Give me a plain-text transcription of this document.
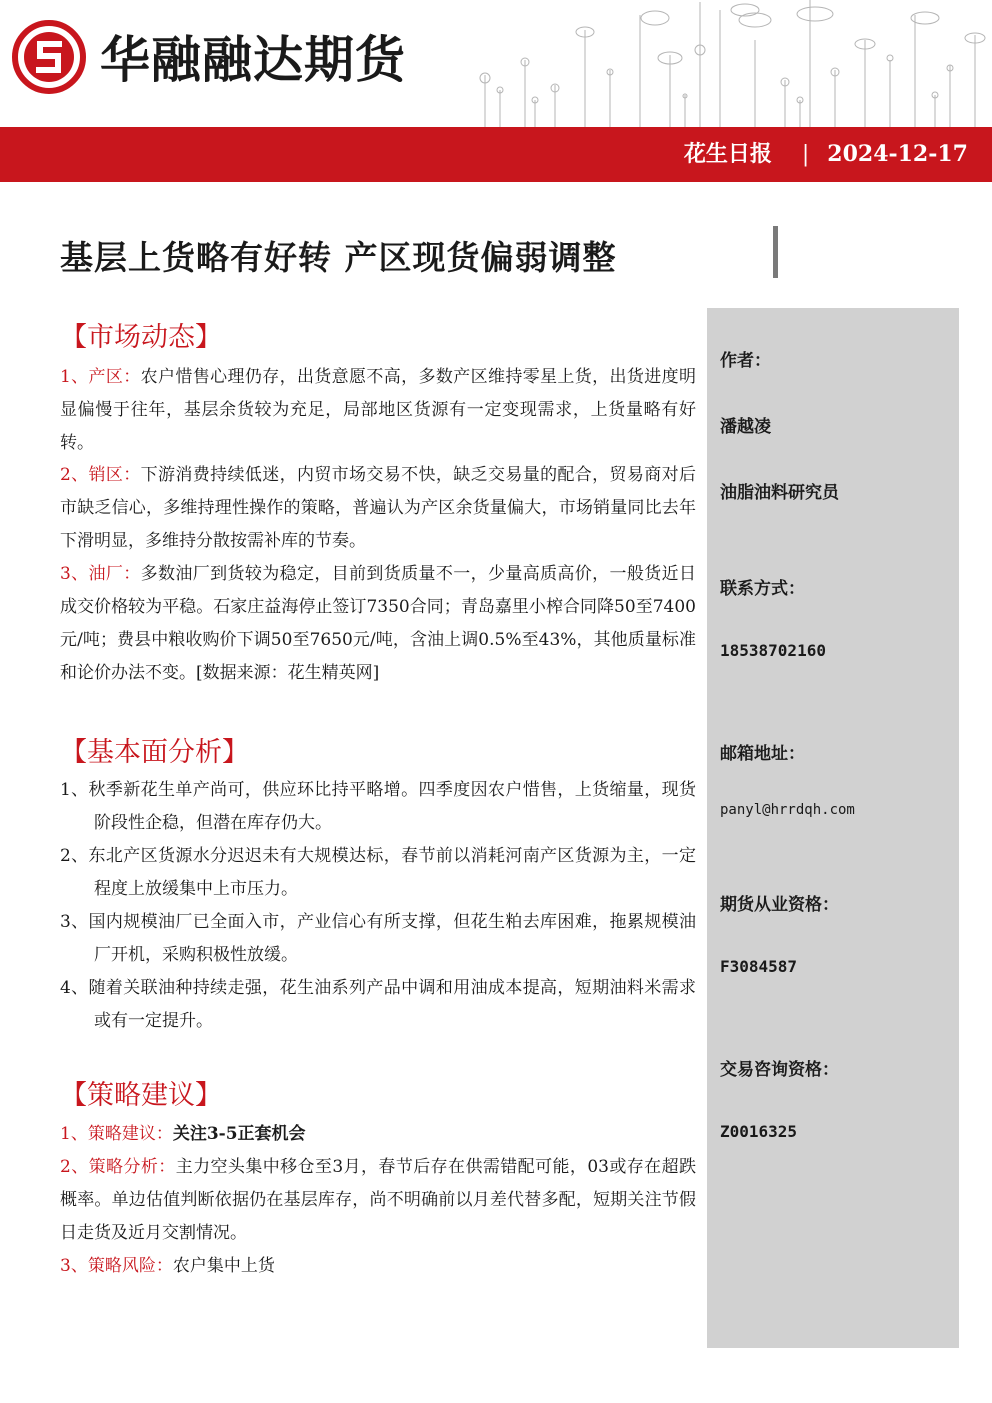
华融融达期货
花生日报 | 2024-12-17
基层上货略有好转 产区现货偏弱调整
作者：
潘越凌
油脂油料研究员
联系方式：
18538702160
邮箱地址：
panyl@hrrdqh.com
期货从业资格：
F3084587
交易咨询资格：
Z0016325
【市场动态】
1、产区：农户惜售心理仍存，出货意愿不高，多数产区维持零星上货，出货进度明显偏慢于往年，基层余货较为充足，局部地区货源有一定变现需求，上货量略有好转。
2、销区：下游消费持续低迷，内贸市场交易不快，缺乏交易量的配合，贸易商对后市缺乏信心，多维持理性操作的策略，普遍认为产区余货量偏大，市场销量同比去年下滑明显，多维持分散按需补库的节奏。
3、油厂：多数油厂到货较为稳定，目前到货质量不一，少量高质高价，一般货近日成交价格较为平稳。石家庄益海停止签订7350合同；青岛嘉里小榨合同降50至7400元/吨；费县中粮收购价下调50至7650元/吨，含油上调0.5%至43%，其他质量标准和论价办法不变。[数据来源：花生精英网]
【基本面分析】
1、秋季新花生单产尚可，供应环比持平略增。四季度因农户惜售，上货缩量，现货阶段性企稳，但潜在库存仍大。
2、东北产区货源水分迟迟未有大规模达标，春节前以消耗河南产区货源为主，一定程度上放缓集中上市压力。
3、国内规模油厂已全面入市，产业信心有所支撑，但花生粕去库困难，拖累规模油厂开机，采购积极性放缓。
4、随着关联油种持续走强，花生油系列产品中调和用油成本提高，短期油料米需求或有一定提升。
【策略建议】
1、策略建议：关注3-5正套机会
2、策略分析：主力空头集中移仓至3月，春节后存在供需错配可能，03或存在超跌概率。单边估值判断依据仍在基层库存，尚不明确前以月差代替多配，短期关注节假日走货及近月交割情况。
3、策略风险：农户集中上货
